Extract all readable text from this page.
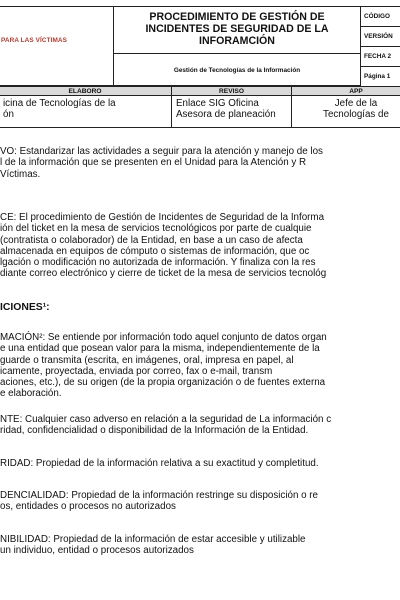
PARA LAS VÍCTIMAS
PROCEDIMIENTO DE GESTIÓN DE INCIDENTES DE SEGURIDAD DE LA INFORAMCIÓN
Gestión de Tecnologías de la Información
CÓDIGO
VERSIÓN
FECHA 2
Página 1
ELABORO	REVISO	APP
icina de Tecnologías de la
ón
Enlace SIG Oficina
Asesora de planeación
Jefe de la
Tecnologías de
VO: Estandarizar las actividades a seguir para la atención y manejo de los
l de la información que se presenten en el Unidad para la Atención y R
Víctimas.
CE: El procedimiento de Gestión de Incidentes de Seguridad de la Informa
ión del ticket en la mesa de servicios tecnológicos por parte de cualquie
(contratista o colaborador) de la Entidad, en base a un caso de afecta
almacenada en equipos de cómputo o sistemas de información, que oc
lgación o modificación no autorizada de información. Y finaliza con la res
diante correo electrónico y cierre de ticket de la mesa de servicios tecnológ
ICIONES¹:
MACIÓN²: Se entiende por información todo aquel conjunto de datos organ
e una entidad que posean valor para la misma, independientemente de la
guarde o transmita (escrita, en imágenes, oral, impresa en papel, al
icamente, proyectada, enviada por correo, fax o e-mail, transm
aciones, etc.), de su origen (de la propia organización o de fuentes externa
e elaboración.
NTE: Cualquier caso adverso en relación a la seguridad de La información c
ridad, confidencialidad o disponibilidad de la Información de la Entidad.
RIDAD: Propiedad de la información relativa a su exactitud y completitud.
DENCIALIDAD: Propiedad de la información restringe su disposición o re
os, entidades o procesos no autorizados
NIBILIDAD: Propiedad de la información de estar accesible y utilizable
un individuo, entidad o procesos autorizados
